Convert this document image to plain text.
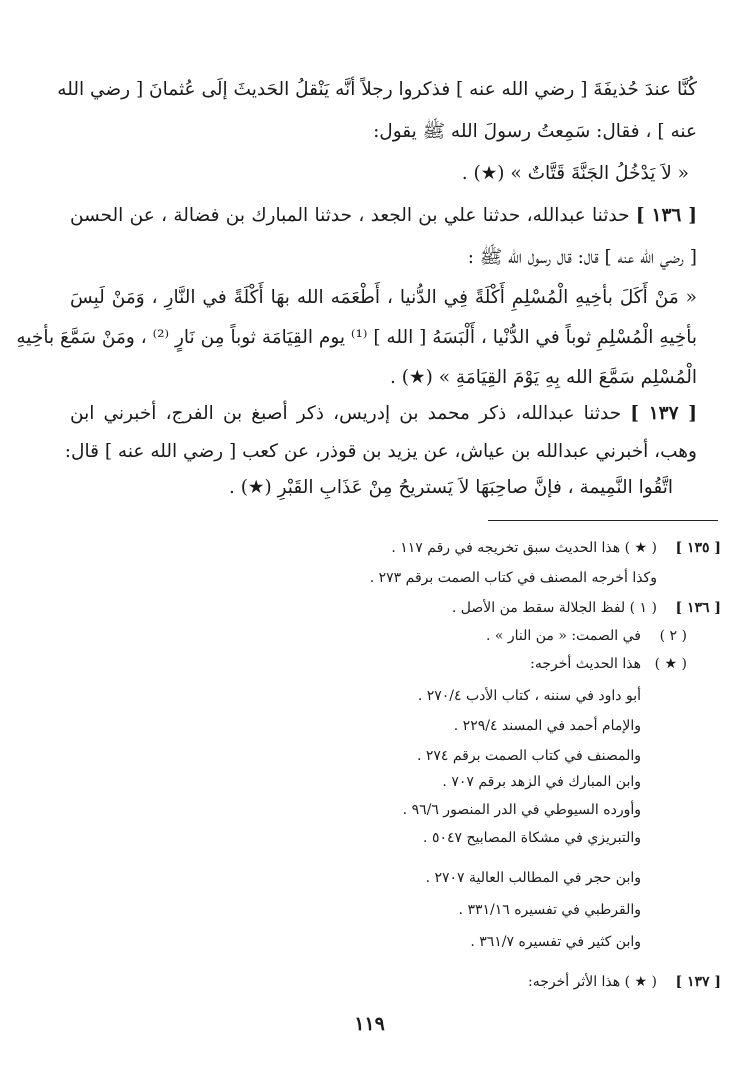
كُنَّا عندَ حُذيفَةَ [ رضي الله عنه ] فذكروا رجلاً أنَّه يَنْقلُ الحَديثَ إلَى عُثمانَ [ رضي الله
عنه ] ، فقال: سَمِعتُ رسولَ الله ﷺ يقول:
« لاَ يَدْخُلُ الجَنَّةَ قَتَّاتٌ » (★) .
[ ١٣٦ ] حدثنا عبدالله، حدثنا علي بن الجعد ، حدثنا المبارك بن فضالة ، عن الحسن
[ رضي الله عنه ] قال: قال رسول الله ﷺ :
« مَنْ أَكَلَ بأخِيهِ الْمُسْلِمِ أَكْلَةً فِي الدُّنيا ، أَطْعَمَه الله بهَا أَكْلَةً في النَّارِ ، وَمَنْ لَبِسَ
بأخِيهِ الْمُسْلِمِ ثوباً في الدُّنْيا ، أَلْبَسَهُ [ الله ] ⁽¹⁾ يوم القِيَامَة ثوباً مِن نَارٍ ⁽²⁾ ، ومَنْ سَمَّعَ بأخِيهِ
الْمُسْلِم سَمَّعَ الله بِهِ يَوْمَ القِيَامَةِ » (★) .
[ ١٣٧ ] حدثنا عبدالله، ذكر محمد بن إدريس، ذكر أصبغ بن الفرج، أخبرني ابن
وهب، أخبرني عبدالله بن عياش، عن يزيد بن قوذر، عن كعب [ رضي الله عنه ] قال:
اتَّقُوا النَّمِيمة ، فإنَّ صاحِبَهَا لاَ يَستريحُ مِنْ عَذَابِ القَبْرِ (★) .
[ ١٣٥ ]
( ★ ) هذا الحديث سبق تخريجه في رقم ١١٧ .
وكذا أخرجه المصنف في كتاب الصمت برقم ٢٧٣ .
[ ١٣٦ ]
( ١ ) لفظ الجلالة سقط من الأصل .
( ٢ )
في الصمت: « من النار » .
( ★ )
هذا الحديث أخرجه:
أبو داود في سننه ، كتاب الأدب ٢٧٠/٤ .
والإمام أحمد في المسند ٢٢٩/٤ .
والمصنف في كتاب الصمت برقم ٢٧٤ .
وابن المبارك في الزهد برقم ٧٠٧ .
وأورده السيوطي في الدر المنصور ٩٦/٦ .
والتبريزي في مشكاة المصابيح ٥٠٤٧ .
وابن حجر في المطالب العالية ٢٧٠٧ .
والقرطبي في تفسيره ٣٣١/١٦ .
وابن كثير في تفسيره ٣٦١/٧ .
[ ١٣٧ ]
( ★ ) هذا الأثر أخرجه:
١١٩
